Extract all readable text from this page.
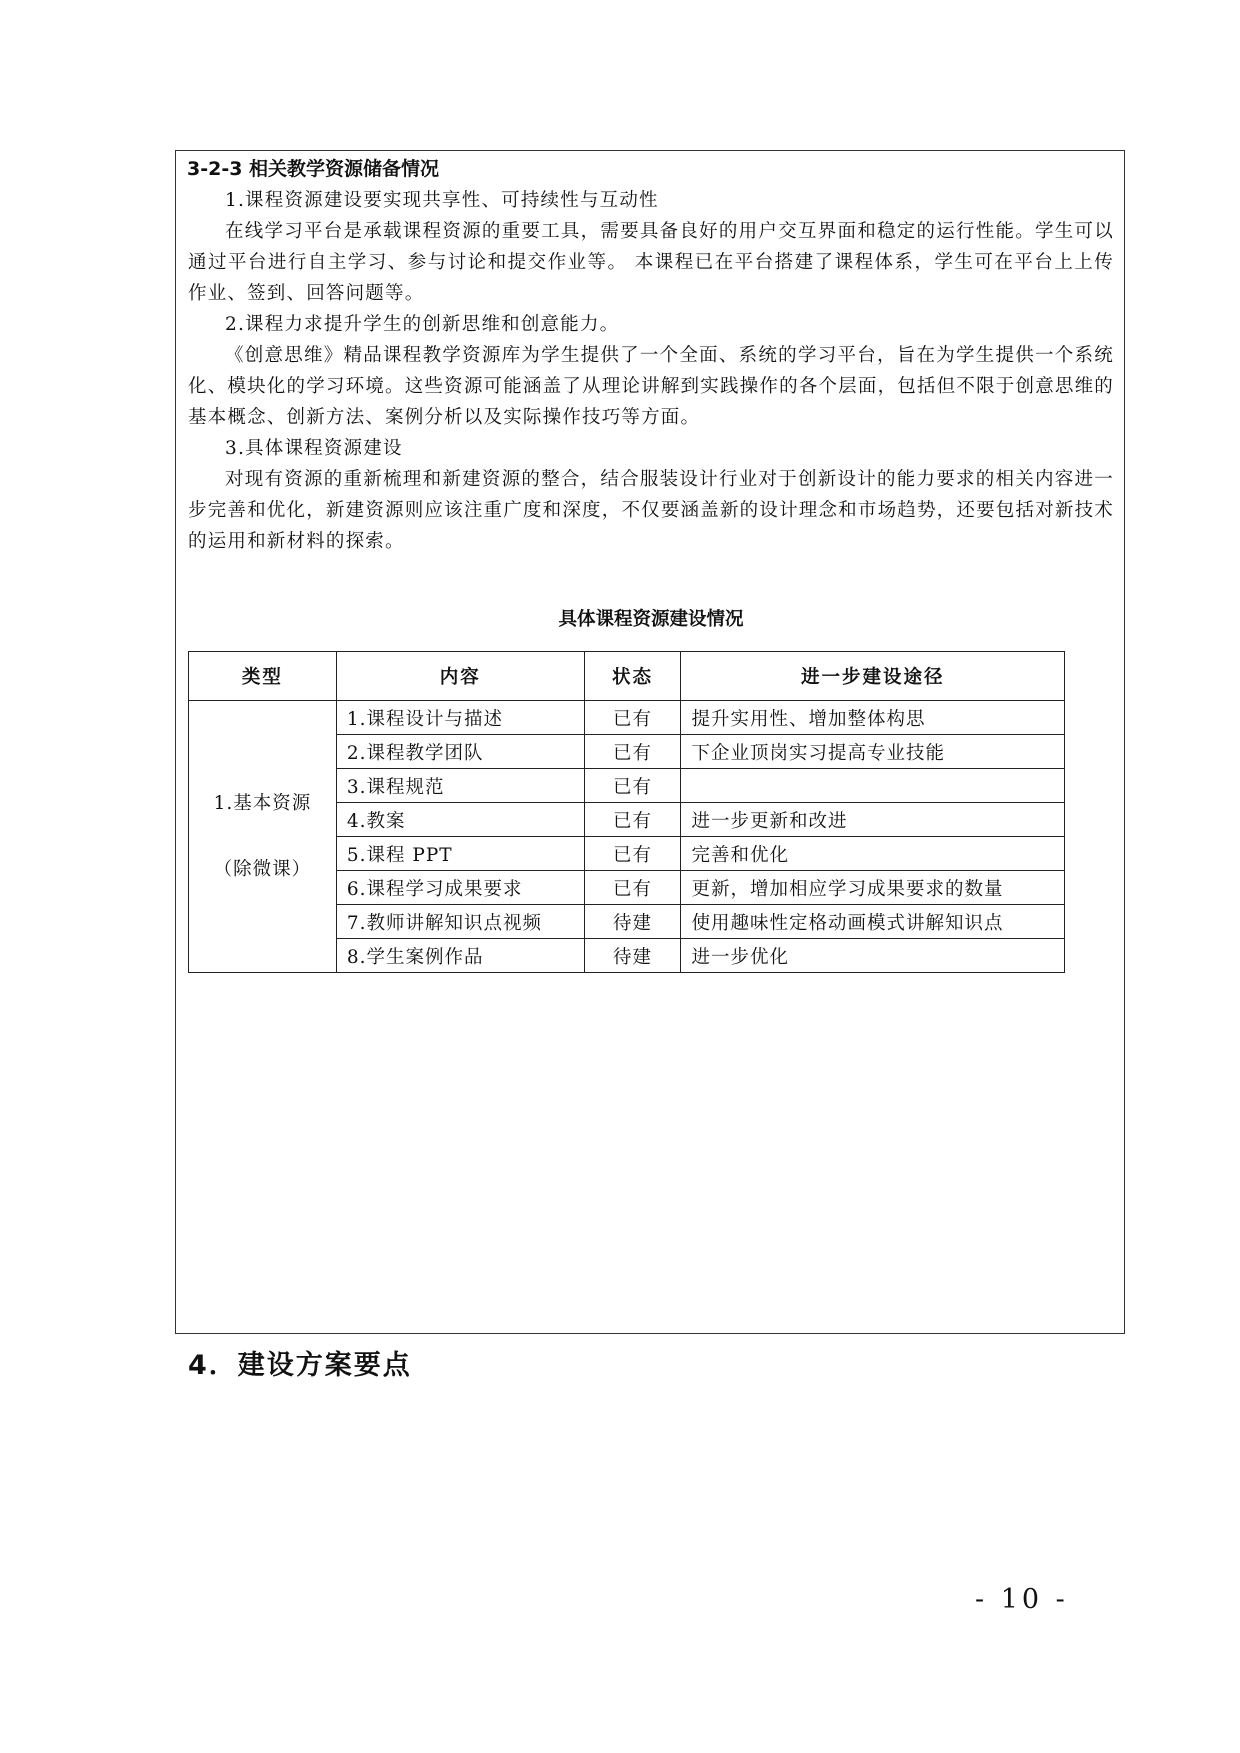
3-2-3 相关教学资源储备情况

1.课程资源建设要实现共享性、可持续性与互动性

在线学习平台是承载课程资源的重要工具，需要具备良好的用户交互界面和稳定的运行性能。学生可以通过平台进行自主学习、参与讨论和提交作业等。 本课程已在平台搭建了课程体系，学生可在平台上上传作业、签到、回答问题等。

2.课程力求提升学生的创新思维和创意能力。

《创意思维》精品课程教学资源库为学生提供了一个全面、系统的学习平台，旨在为学生提供一个系统化、模块化的学习环境。这些资源可能涵盖了从理论讲解到实践操作的各个层面，包括但不限于创意思维的基本概念、创新方法、案例分析以及实际操作技巧等方面。

3.具体课程资源建设

对现有资源的重新梳理和新建资源的整合，结合服装设计行业对于创新设计的能力要求的相关内容进一步完善和优化，新建资源则应该注重广度和深度，不仅要涵盖新的设计理念和市场趋势，还要包括对新技术的运用和新材料的探索。

具体课程资源建设情况
类型	内容	状态	进一步建设途径

1.基本资源
（除微课）	1.课程设计与描述	已有	提升实用性、增加整体构思
	2.课程教学团队	已有	下企业顶岗实习提高专业技能
	3.课程规范	已有	
	4.教案	已有	进一步更新和改进
	5.课程 PPT	已有	完善和优化
	6.课程学习成果要求	已有	更新，增加相应学习成果要求的数量
	7.教师讲解知识点视频	待建	使用趣味性定格动画模式讲解知识点
	8.学生案例作品	待建	进一步优化
4．建设方案要点
- 10 -
